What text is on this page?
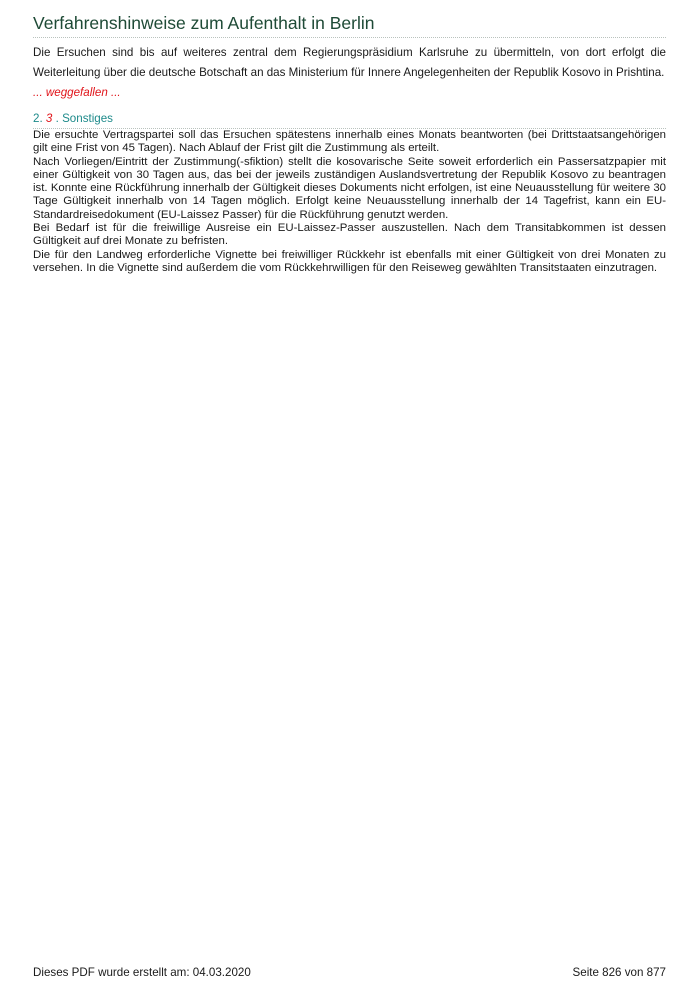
Verfahrenshinweise zum Aufenthalt in Berlin

Die Ersuchen sind bis auf weiteres zentral dem Regierungspräsidium Karlsruhe zu übermitteln, von dort erfolgt die Weiterleitung über die deutsche Botschaft an das Ministerium für Innere Angelegenheiten der Republik Kosovo in Prishtina.

... weggefallen ...

2. 3 . Sonstiges

Die ersuchte Vertragspartei soll das Ersuchen spätestens innerhalb eines Monats beantworten (bei Drittstaatsangehörigen gilt eine Frist von 45 Tagen). Nach Ablauf der Frist gilt die Zustimmung als erteilt.

Nach Vorliegen/Eintritt der Zustimmung(-sfiktion) stellt die kosovarische Seite soweit erforderlich ein Passersatzpapier mit einer Gültigkeit von 30 Tagen aus, das bei der jeweils zuständigen Auslandsvertretung der Republik Kosovo zu beantragen ist. Konnte eine Rückführung innerhalb der Gültigkeit dieses Dokuments nicht erfolgen, ist eine Neuausstellung für weitere 30 Tage Gültigkeit innerhalb von 14 Tagen möglich. Erfolgt keine Neuausstellung innerhalb der 14 Tagefrist, kann ein EU-Standardreisedokument (EU-Laissez Passer) für die Rückführung genutzt werden.

Bei Bedarf ist für die freiwillige Ausreise ein EU-Laissez-Passer auszustellen. Nach dem Transitabkommen ist dessen Gültigkeit auf drei Monate zu befristen.

Die für den Landweg erforderliche Vignette bei freiwilliger Rückkehr ist ebenfalls mit einer Gültigkeit von drei Monaten zu versehen. In die Vignette sind außerdem die vom Rückkehrwilligen für den Reiseweg gewählten Transitstaaten einzutragen.

Dieses PDF wurde erstellt am: 04.03.2020	Seite 826 von 877
